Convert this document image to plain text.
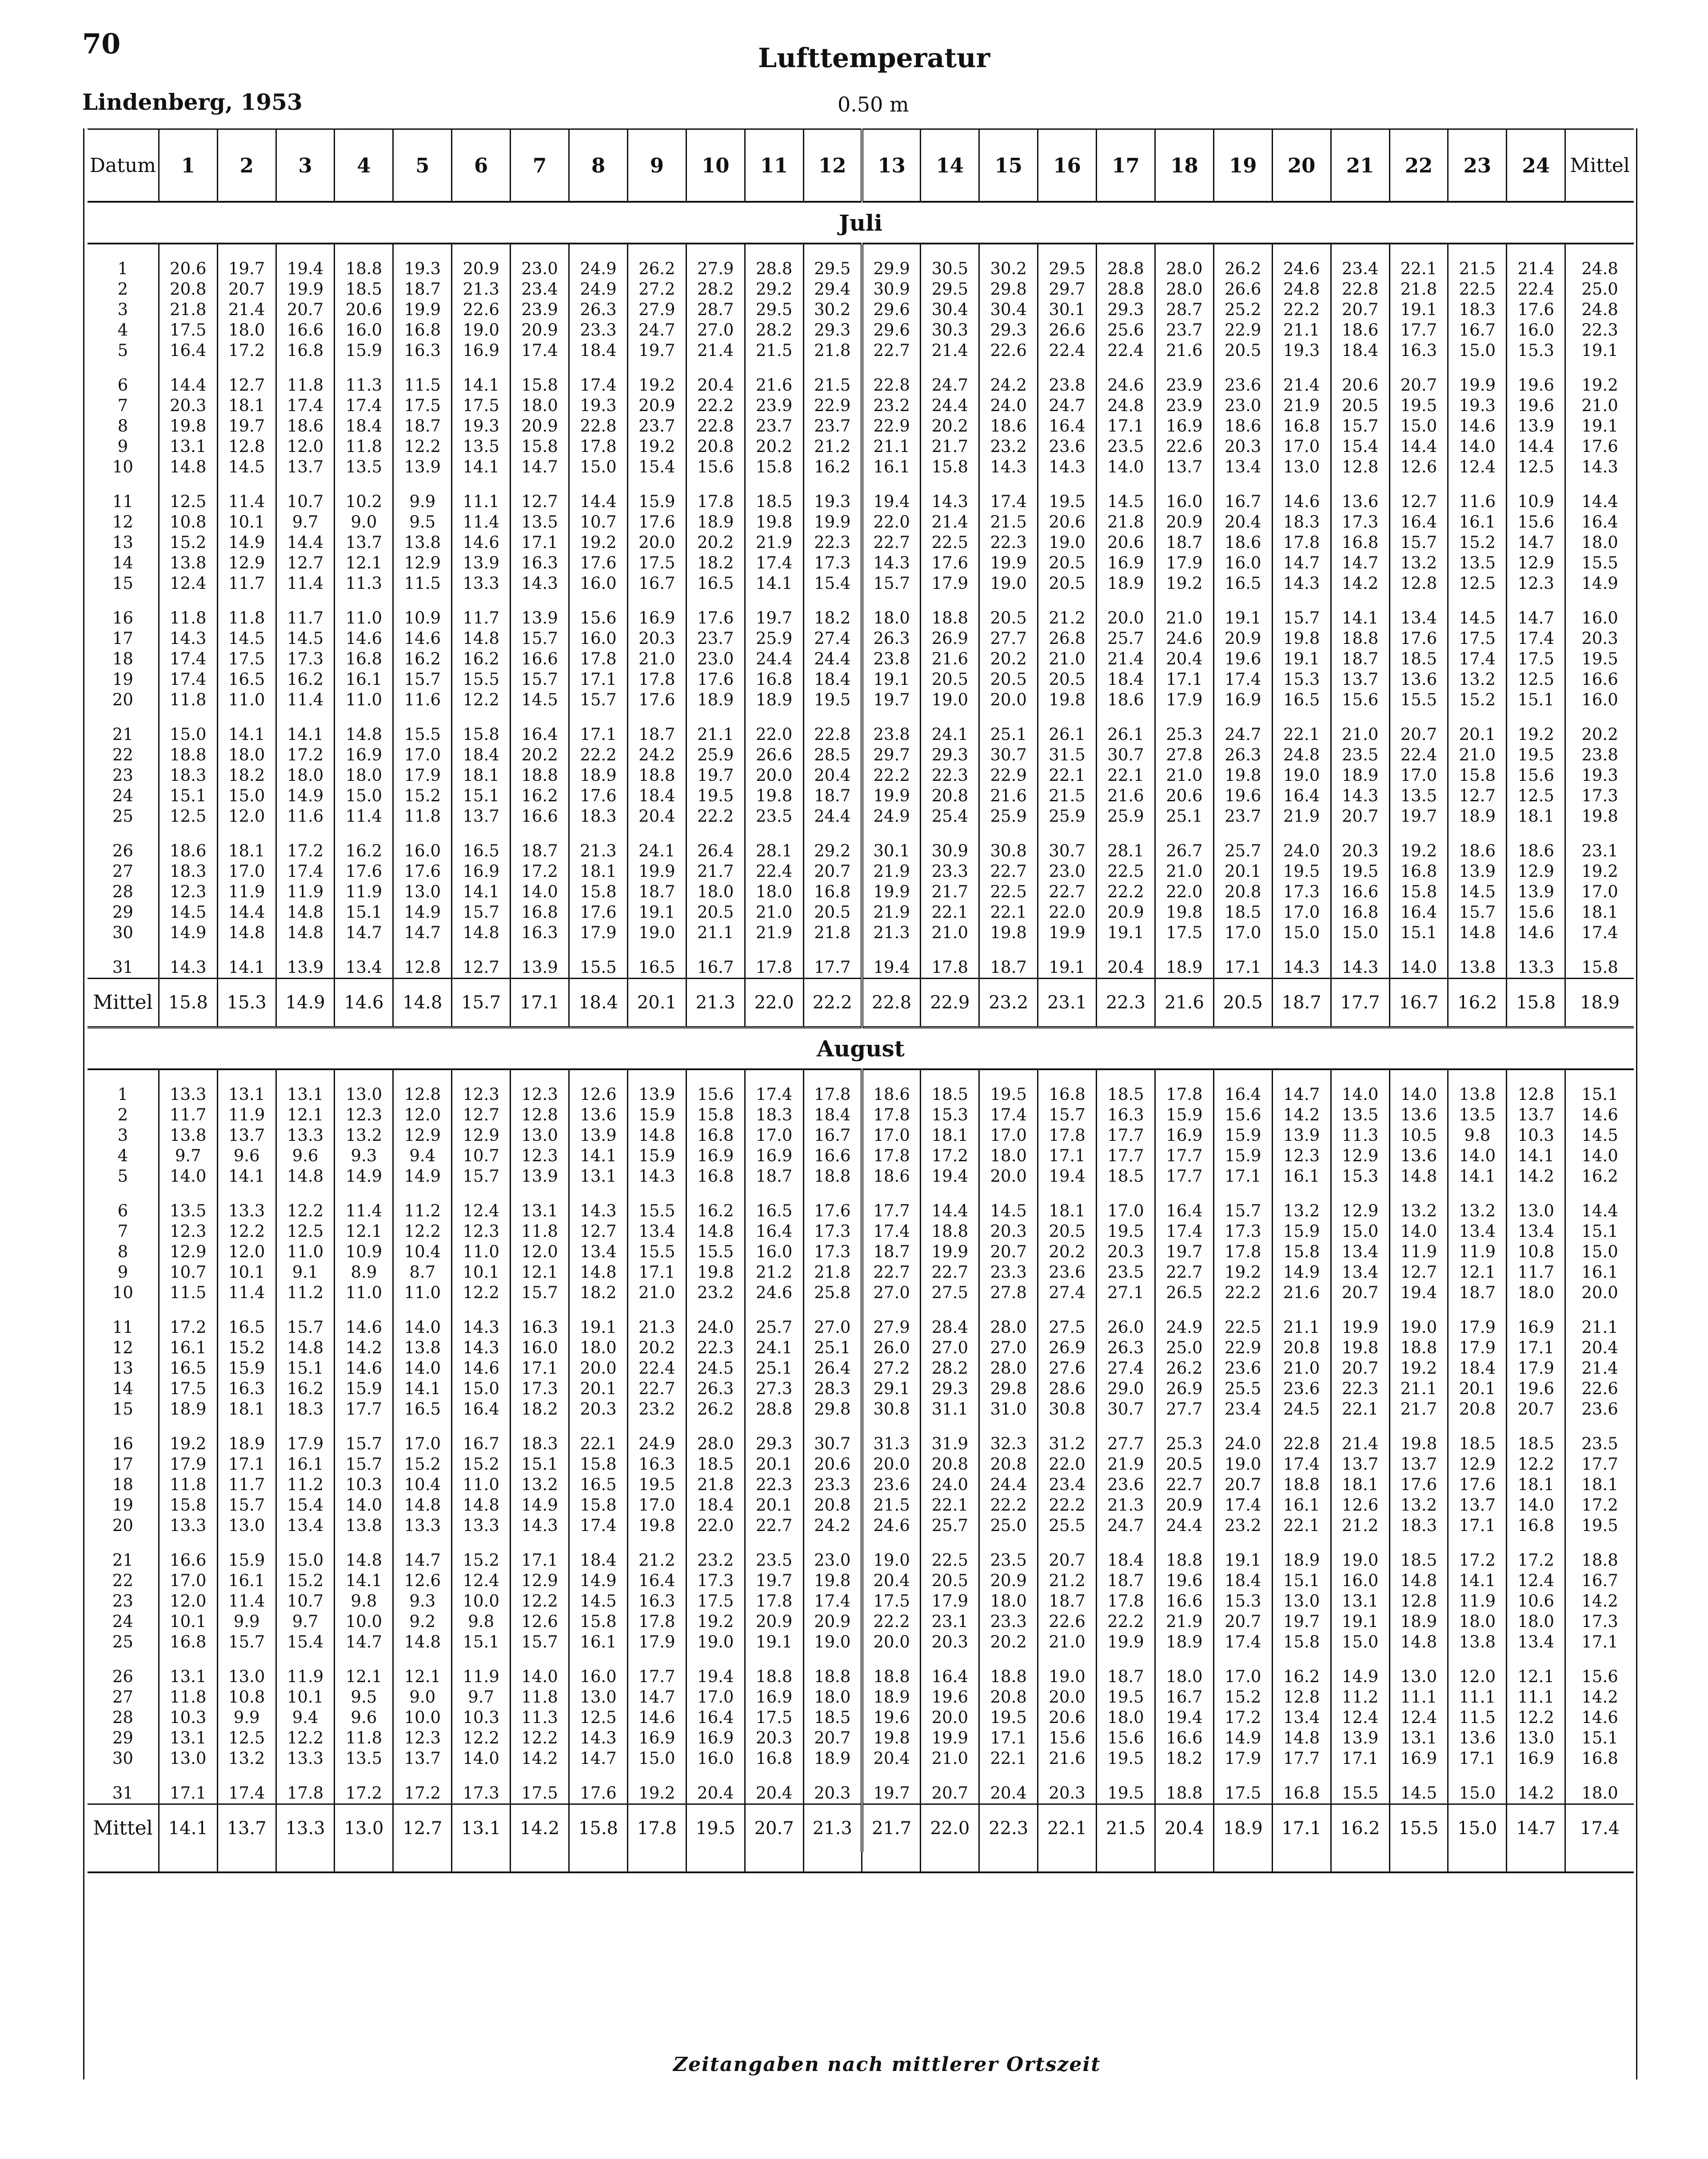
70	Lufttemperatur
Lindenberg, 1953	0.50 m
Datum	1	2	3	4	5	6	7	8	9	10	11	12	13	14	15	16	17	18	19	20	21	22	23	24	Mittel
Juli																									

1	20.6	19.7	19.4	18.8	19.3	20.9	23.0	24.9	26.2	27.9	28.8	29.5	29.9	30.5	30.2	29.5	28.8	28.0	26.2	24.6	23.4	22.1	21.5	21.4	24.8
2	20.8	20.7	19.9	18.5	18.7	21.3	23.4	24.9	27.2	28.2	29.2	29.4	30.9	29.5	29.8	29.7	28.8	28.0	26.6	24.8	22.8	21.8	22.5	22.4	25.0
3	21.8	21.4	20.7	20.6	19.9	22.6	23.9	26.3	27.9	28.7	29.5	30.2	29.6	30.4	30.4	30.1	29.3	28.7	25.2	22.2	20.7	19.1	18.3	17.6	24.8
4	17.5	18.0	16.6	16.0	16.8	19.0	20.9	23.3	24.7	27.0	28.2	29.3	29.6	30.3	29.3	26.6	25.6	23.7	22.9	21.1	18.6	17.7	16.7	16.0	22.3
5	16.4	17.2	16.8	15.9	16.3	16.9	17.4	18.4	19.7	21.4	21.5	21.8	22.7	21.4	22.6	22.4	22.4	21.6	20.5	19.3	18.4	16.3	15.0	15.3	19.1

6	14.4	12.7	11.8	11.3	11.5	14.1	15.8	17.4	19.2	20.4	21.6	21.5	22.8	24.7	24.2	23.8	24.6	23.9	23.6	21.4	20.6	20.7	19.9	19.6	19.2
7	20.3	18.1	17.4	17.4	17.5	17.5	18.0	19.3	20.9	22.2	23.9	22.9	23.2	24.4	24.0	24.7	24.8	23.9	23.0	21.9	20.5	19.5	19.3	19.6	21.0
8	19.8	19.7	18.6	18.4	18.7	19.3	20.9	22.8	23.7	22.8	23.7	23.7	22.9	20.2	18.6	16.4	17.1	16.9	18.6	16.8	15.7	15.0	14.6	13.9	19.1
9	13.1	12.8	12.0	11.8	12.2	13.5	15.8	17.8	19.2	20.8	20.2	21.2	21.1	21.7	23.2	23.6	23.5	22.6	20.3	17.0	15.4	14.4	14.0	14.4	17.6
10	14.8	14.5	13.7	13.5	13.9	14.1	14.7	15.0	15.4	15.6	15.8	16.2	16.1	15.8	14.3	14.3	14.0	13.7	13.4	13.0	12.8	12.6	12.4	12.5	14.3

11	12.5	11.4	10.7	10.2	9.9	11.1	12.7	14.4	15.9	17.8	18.5	19.3	19.4	14.3	17.4	19.5	14.5	16.0	16.7	14.6	13.6	12.7	11.6	10.9	14.4
12	10.8	10.1	9.7	9.0	9.5	11.4	13.5	10.7	17.6	18.9	19.8	19.9	22.0	21.4	21.5	20.6	21.8	20.9	20.4	18.3	17.3	16.4	16.1	15.6	16.4
13	15.2	14.9	14.4	13.7	13.8	14.6	17.1	19.2	20.0	20.2	21.9	22.3	22.7	22.5	22.3	19.0	20.6	18.7	18.6	17.8	16.8	15.7	15.2	14.7	18.0
14	13.8	12.9	12.7	12.1	12.9	13.9	16.3	17.6	17.5	18.2	17.4	17.3	14.3	17.6	19.9	20.5	16.9	17.9	16.0	14.7	14.7	13.2	13.5	12.9	15.5
15	12.4	11.7	11.4	11.3	11.5	13.3	14.3	16.0	16.7	16.5	14.1	15.4	15.7	17.9	19.0	20.5	18.9	19.2	16.5	14.3	14.2	12.8	12.5	12.3	14.9

16	11.8	11.8	11.7	11.0	10.9	11.7	13.9	15.6	16.9	17.6	19.7	18.2	18.0	18.8	20.5	21.2	20.0	21.0	19.1	15.7	14.1	13.4	14.5	14.7	16.0
17	14.3	14.5	14.5	14.6	14.6	14.8	15.7	16.0	20.3	23.7	25.9	27.4	26.3	26.9	27.7	26.8	25.7	24.6	20.9	19.8	18.8	17.6	17.5	17.4	20.3
18	17.4	17.5	17.3	16.8	16.2	16.2	16.6	17.8	21.0	23.0	24.4	24.4	23.8	21.6	20.2	21.0	21.4	20.4	19.6	19.1	18.7	18.5	17.4	17.5	19.5
19	17.4	16.5	16.2	16.1	15.7	15.5	15.7	17.1	17.8	17.6	16.8	18.4	19.1	20.5	20.5	20.5	18.4	17.1	17.4	15.3	13.7	13.6	13.2	12.5	16.6
20	11.8	11.0	11.4	11.0	11.6	12.2	14.5	15.7	17.6	18.9	18.9	19.5	19.7	19.0	20.0	19.8	18.6	17.9	16.9	16.5	15.6	15.5	15.2	15.1	16.0

21	15.0	14.1	14.1	14.8	15.5	15.8	16.4	17.1	18.7	21.1	22.0	22.8	23.8	24.1	25.1	26.1	26.1	25.3	24.7	22.1	21.0	20.7	20.1	19.2	20.2
22	18.8	18.0	17.2	16.9	17.0	18.4	20.2	22.2	24.2	25.9	26.6	28.5	29.7	29.3	30.7	31.5	30.7	27.8	26.3	24.8	23.5	22.4	21.0	19.5	23.8
23	18.3	18.2	18.0	18.0	17.9	18.1	18.8	18.9	18.8	19.7	20.0	20.4	22.2	22.3	22.9	22.1	22.1	21.0	19.8	19.0	18.9	17.0	15.8	15.6	19.3
24	15.1	15.0	14.9	15.0	15.2	15.1	16.2	17.6	18.4	19.5	19.8	18.7	19.9	20.8	21.6	21.5	21.6	20.6	19.6	16.4	14.3	13.5	12.7	12.5	17.3
25	12.5	12.0	11.6	11.4	11.8	13.7	16.6	18.3	20.4	22.2	23.5	24.4	24.9	25.4	25.9	25.9	25.9	25.1	23.7	21.9	20.7	19.7	18.9	18.1	19.8

26	18.6	18.1	17.2	16.2	16.0	16.5	18.7	21.3	24.1	26.4	28.1	29.2	30.1	30.9	30.8	30.7	28.1	26.7	25.7	24.0	20.3	19.2	18.6	18.6	23.1
27	18.3	17.0	17.4	17.6	17.6	16.9	17.2	18.1	19.9	21.7	22.4	20.7	21.9	23.3	22.7	23.0	22.5	21.0	20.1	19.5	19.5	16.8	13.9	12.9	19.2
28	12.3	11.9	11.9	11.9	13.0	14.1	14.0	15.8	18.7	18.0	18.0	16.8	19.9	21.7	22.5	22.7	22.2	22.0	20.8	17.3	16.6	15.8	14.5	13.9	17.0
29	14.5	14.4	14.8	15.1	14.9	15.7	16.8	17.6	19.1	20.5	21.0	20.5	21.9	22.1	22.1	22.0	20.9	19.8	18.5	17.0	16.8	16.4	15.7	15.6	18.1
30	14.9	14.8	14.8	14.7	14.7	14.8	16.3	17.9	19.0	21.1	21.9	21.8	21.3	21.0	19.8	19.9	19.1	17.5	17.0	15.0	15.0	15.1	14.8	14.6	17.4

31	14.3	14.1	13.9	13.4	12.8	12.7	13.9	15.5	16.5	16.7	17.8	17.7	19.4	17.8	18.7	19.1	20.4	18.9	17.1	14.3	14.3	14.0	13.8	13.3	15.8
Mittel	15.8	15.3	14.9	14.6	14.8	15.7	17.1	18.4	20.1	21.3	22.0	22.2	22.8	22.9	23.2	23.1	22.3	21.6	20.5	18.7	17.7	16.7	16.2	15.8	18.9
August																									

1	13.3	13.1	13.1	13.0	12.8	12.3	12.3	12.6	13.9	15.6	17.4	17.8	18.6	18.5	19.5	16.8	18.5	17.8	16.4	14.7	14.0	14.0	13.8	12.8	15.1
2	11.7	11.9	12.1	12.3	12.0	12.7	12.8	13.6	15.9	15.8	18.3	18.4	17.8	15.3	17.4	15.7	16.3	15.9	15.6	14.2	13.5	13.6	13.5	13.7	14.6
3	13.8	13.7	13.3	13.2	12.9	12.9	13.0	13.9	14.8	16.8	17.0	16.7	17.0	18.1	17.0	17.8	17.7	16.9	15.9	13.9	11.3	10.5	9.8	10.3	14.5
4	9.7	9.6	9.6	9.3	9.4	10.7	12.3	14.1	15.9	16.9	16.9	16.6	17.8	17.2	18.0	17.1	17.7	17.7	15.9	12.3	12.9	13.6	14.0	14.1	14.0
5	14.0	14.1	14.8	14.9	14.9	15.7	13.9	13.1	14.3	16.8	18.7	18.8	18.6	19.4	20.0	19.4	18.5	17.7	17.1	16.1	15.3	14.8	14.1	14.2	16.2

6	13.5	13.3	12.2	11.4	11.2	12.4	13.1	14.3	15.5	16.2	16.5	17.6	17.7	14.4	14.5	18.1	17.0	16.4	15.7	13.2	12.9	13.2	13.2	13.0	14.4
7	12.3	12.2	12.5	12.1	12.2	12.3	11.8	12.7	13.4	14.8	16.4	17.3	17.4	18.8	20.3	20.5	19.5	17.4	17.3	15.9	15.0	14.0	13.4	13.4	15.1
8	12.9	12.0	11.0	10.9	10.4	11.0	12.0	13.4	15.5	15.5	16.0	17.3	18.7	19.9	20.7	20.2	20.3	19.7	17.8	15.8	13.4	11.9	11.9	10.8	15.0
9	10.7	10.1	9.1	8.9	8.7	10.1	12.1	14.8	17.1	19.8	21.2	21.8	22.7	22.7	23.3	23.6	23.5	22.7	19.2	14.9	13.4	12.7	12.1	11.7	16.1
10	11.5	11.4	11.2	11.0	11.0	12.2	15.7	18.2	21.0	23.2	24.6	25.8	27.0	27.5	27.8	27.4	27.1	26.5	22.2	21.6	20.7	19.4	18.7	18.0	20.0

11	17.2	16.5	15.7	14.6	14.0	14.3	16.3	19.1	21.3	24.0	25.7	27.0	27.9	28.4	28.0	27.5	26.0	24.9	22.5	21.1	19.9	19.0	17.9	16.9	21.1
12	16.1	15.2	14.8	14.2	13.8	14.3	16.0	18.0	20.2	22.3	24.1	25.1	26.0	27.0	27.0	26.9	26.3	25.0	22.9	20.8	19.8	18.8	17.9	17.1	20.4
13	16.5	15.9	15.1	14.6	14.0	14.6	17.1	20.0	22.4	24.5	25.1	26.4	27.2	28.2	28.0	27.6	27.4	26.2	23.6	21.0	20.7	19.2	18.4	17.9	21.4
14	17.5	16.3	16.2	15.9	14.1	15.0	17.3	20.1	22.7	26.3	27.3	28.3	29.1	29.3	29.8	28.6	29.0	26.9	25.5	23.6	22.3	21.1	20.1	19.6	22.6
15	18.9	18.1	18.3	17.7	16.5	16.4	18.2	20.3	23.2	26.2	28.8	29.8	30.8	31.1	31.0	30.8	30.7	27.7	23.4	24.5	22.1	21.7	20.8	20.7	23.6

16	19.2	18.9	17.9	15.7	17.0	16.7	18.3	22.1	24.9	28.0	29.3	30.7	31.3	31.9	32.3	31.2	27.7	25.3	24.0	22.8	21.4	19.8	18.5	18.5	23.5
17	17.9	17.1	16.1	15.7	15.2	15.2	15.1	15.8	16.3	18.5	20.1	20.6	20.0	20.8	20.8	22.0	21.9	20.5	19.0	17.4	13.7	13.7	12.9	12.2	17.7
18	11.8	11.7	11.2	10.3	10.4	11.0	13.2	16.5	19.5	21.8	22.3	23.3	23.6	24.0	24.4	23.4	23.6	22.7	20.7	18.8	18.1	17.6	17.6	18.1	18.1
19	15.8	15.7	15.4	14.0	14.8	14.8	14.9	15.8	17.0	18.4	20.1	20.8	21.5	22.1	22.2	22.2	21.3	20.9	17.4	16.1	12.6	13.2	13.7	14.0	17.2
20	13.3	13.0	13.4	13.8	13.3	13.3	14.3	17.4	19.8	22.0	22.7	24.2	24.6	25.7	25.0	25.5	24.7	24.4	23.2	22.1	21.2	18.3	17.1	16.8	19.5

21	16.6	15.9	15.0	14.8	14.7	15.2	17.1	18.4	21.2	23.2	23.5	23.0	19.0	22.5	23.5	20.7	18.4	18.8	19.1	18.9	19.0	18.5	17.2	17.2	18.8
22	17.0	16.1	15.2	14.1	12.6	12.4	12.9	14.9	16.4	17.3	19.7	19.8	20.4	20.5	20.9	21.2	18.7	19.6	18.4	15.1	16.0	14.8	14.1	12.4	16.7
23	12.0	11.4	10.7	9.8	9.3	10.0	12.2	14.5	16.3	17.5	17.8	17.4	17.5	17.9	18.0	18.7	17.8	16.6	15.3	13.0	13.1	12.8	11.9	10.6	14.2
24	10.1	9.9	9.7	10.0	9.2	9.8	12.6	15.8	17.8	19.2	20.9	20.9	22.2	23.1	23.3	22.6	22.2	21.9	20.7	19.7	19.1	18.9	18.0	18.0	17.3
25	16.8	15.7	15.4	14.7	14.8	15.1	15.7	16.1	17.9	19.0	19.1	19.0	20.0	20.3	20.2	21.0	19.9	18.9	17.4	15.8	15.0	14.8	13.8	13.4	17.1

26	13.1	13.0	11.9	12.1	12.1	11.9	14.0	16.0	17.7	19.4	18.8	18.8	18.8	16.4	18.8	19.0	18.7	18.0	17.0	16.2	14.9	13.0	12.0	12.1	15.6
27	11.8	10.8	10.1	9.5	9.0	9.7	11.8	13.0	14.7	17.0	16.9	18.0	18.9	19.6	20.8	20.0	19.5	16.7	15.2	12.8	11.2	11.1	11.1	11.1	14.2
28	10.3	9.9	9.4	9.6	10.0	10.3	11.3	12.5	14.6	16.4	17.5	18.5	19.6	20.0	19.5	20.6	18.0	19.4	17.2	13.4	12.4	12.4	11.5	12.2	14.6
29	13.1	12.5	12.2	11.8	12.3	12.2	12.2	14.3	16.9	16.9	20.3	20.7	19.8	19.9	17.1	15.6	15.6	16.6	14.9	14.8	13.9	13.1	13.6	13.0	15.1
30	13.0	13.2	13.3	13.5	13.7	14.0	14.2	14.7	15.0	16.0	16.8	18.9	20.4	21.0	22.1	21.6	19.5	18.2	17.9	17.7	17.1	16.9	17.1	16.9	16.8

31	17.1	17.4	17.8	17.2	17.2	17.3	17.5	17.6	19.2	20.4	20.4	20.3	19.7	20.7	20.4	20.3	19.5	18.8	17.5	16.8	15.5	14.5	15.0	14.2	18.0
Mittel	14.1	13.7	13.3	13.0	12.7	13.1	14.2	15.8	17.8	19.5	20.7	21.3	21.7	22.0	22.3	22.1	21.5	20.4	18.9	17.1	16.2	15.5	15.0	14.7	17.4

Zeitangaben nach mittlerer Ortszeit
